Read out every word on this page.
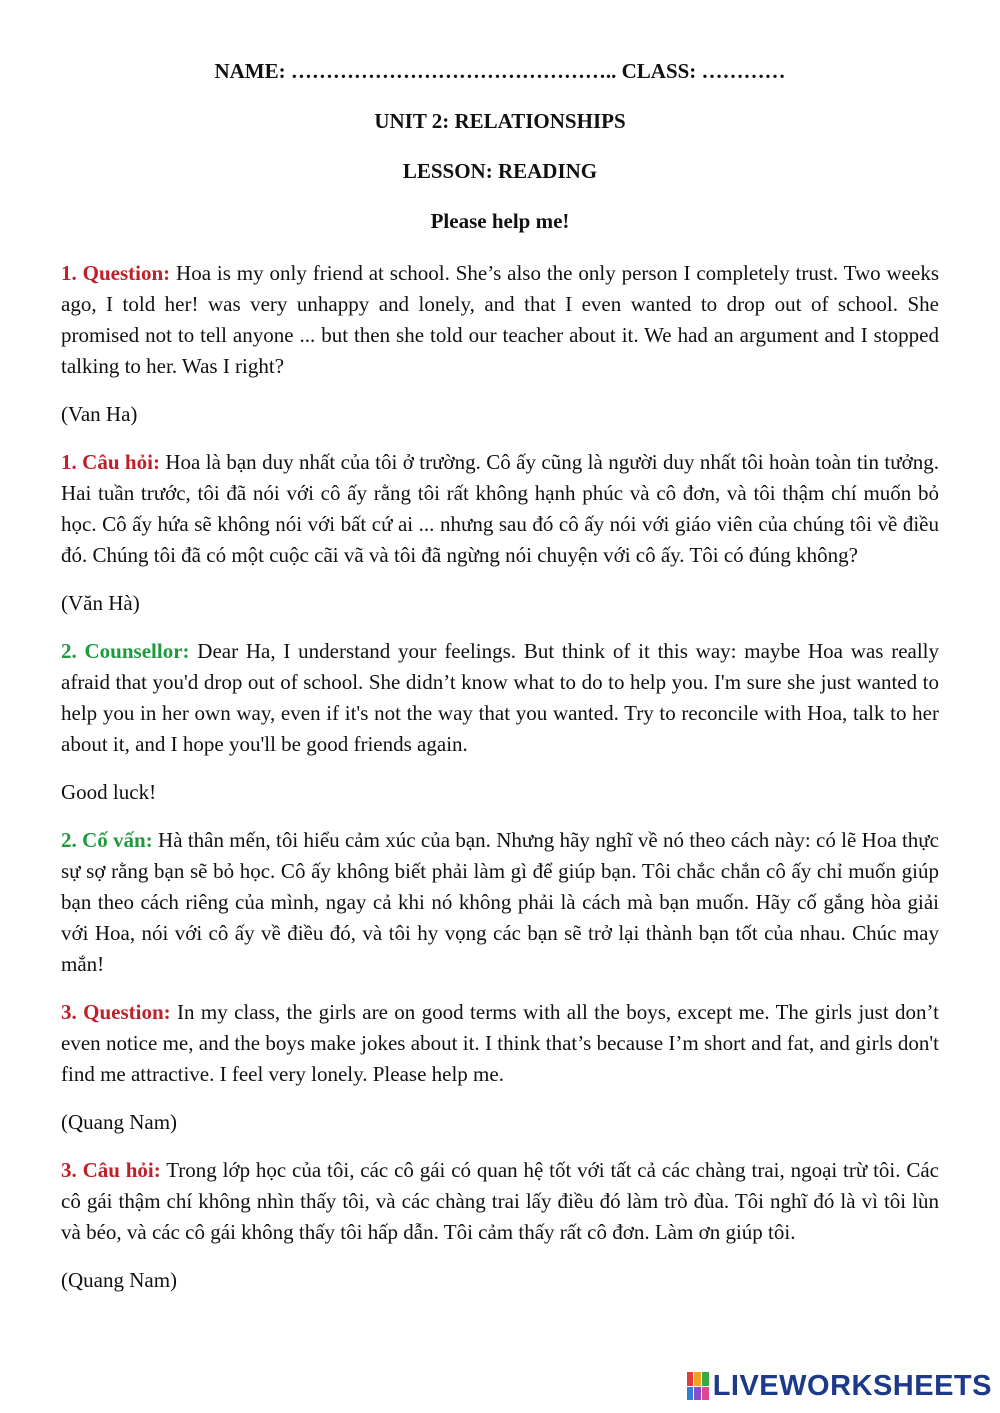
NAME: ……………………………………….. CLASS: …………
UNIT 2: RELATIONSHIPS
LESSON: READING
Please help me!
1. Question: Hoa is my only friend at school. She’s also the only person I completely trust. Two weeks ago, I told her! was very unhappy and lonely, and that I even wanted to drop out of school. She promised not to tell anyone ... but then she told our teacher about it. We had an argument and I stopped talking to her. Was I right?
(Van Ha)
1. Câu hỏi: Hoa là bạn duy nhất của tôi ở trường. Cô ấy cũng là người duy nhất tôi hoàn toàn tin tưởng. Hai tuần trước, tôi đã nói với cô ấy rằng tôi rất không hạnh phúc và cô đơn, và tôi thậm chí muốn bỏ học. Cô ấy hứa sẽ không nói với bất cứ ai ... nhưng sau đó cô ấy nói với giáo viên của chúng tôi về điều đó. Chúng tôi đã có một cuộc cãi vã và tôi đã ngừng nói chuyện với cô ấy. Tôi có đúng không?
(Văn Hà)
2. Counsellor: Dear Ha, I understand your feelings. But think of it this way: maybe Hoa was really afraid that you'd drop out of school. She didn’t know what to do to help you. I'm sure she just wanted to help you in her own way, even if it's not the way that you wanted. Try to reconcile with Hoa, talk to her about it, and I hope you'll be good friends again.
Good luck!
2. Cố vấn: Hà thân mến, tôi hiểu cảm xúc của bạn. Nhưng hãy nghĩ về nó theo cách này: có lẽ Hoa thực sự sợ rằng bạn sẽ bỏ học. Cô ấy không biết phải làm gì để giúp bạn. Tôi chắc chắn cô ấy chỉ muốn giúp bạn theo cách riêng của mình, ngay cả khi nó không phải là cách mà bạn muốn. Hãy cố gắng hòa giải với Hoa, nói với cô ấy về điều đó, và tôi hy vọng các bạn sẽ trở lại thành bạn tốt của nhau. Chúc may mắn!
3. Question: In my class, the girls are on good terms with all the boys, except me. The girls just don’t even notice me, and the boys make jokes about it. I think that’s because I’m short and fat, and girls don't find me attractive. I feel very lonely. Please help me.
(Quang Nam)
3. Câu hỏi: Trong lớp học của tôi, các cô gái có quan hệ tốt với tất cả các chàng trai, ngoại trừ tôi. Các cô gái thậm chí không nhìn thấy tôi, và các chàng trai lấy điều đó làm trò đùa. Tôi nghĩ đó là vì tôi lùn và béo, và các cô gái không thấy tôi hấp dẫn. Tôi cảm thấy rất cô đơn. Làm ơn giúp tôi.
(Quang Nam)
LIVEWORKSHEETS
